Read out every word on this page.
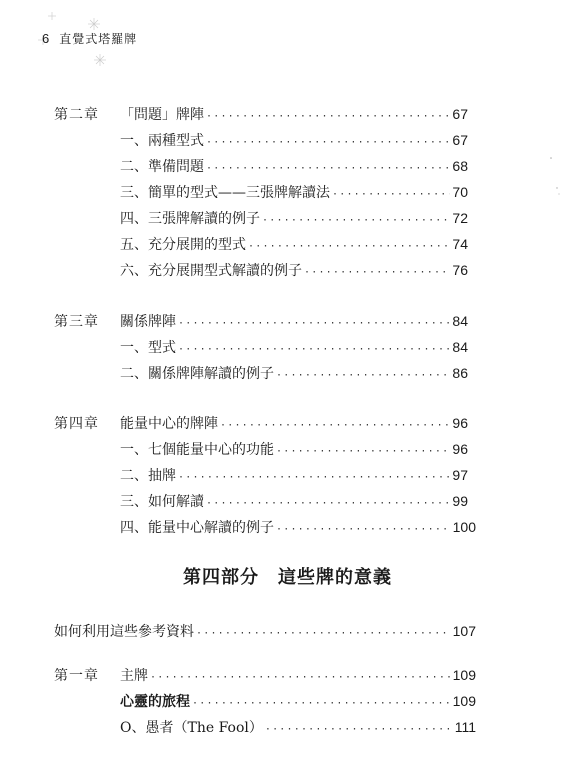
6 直覺式塔羅牌
第二章	「問題」牌陣 ·····	67
一、兩種型式 ·····	67
二、準備問題 ·····	68
三、簡單的型式——三張牌解讀法 ·····	70
四、三張牌解讀的例子 ·····	72
五、充分展開的型式 ·····	74
六、充分展開型式解讀的例子 ·····	76
第三章	關係牌陣 ·····	84
一、型式 ·····	84
二、關係牌陣解讀的例子 ·····	86
第四章	能量中心的牌陣 ·····	96
一、七個能量中心的功能 ·····	96
二、抽牌 ·····	97
三、如何解讀 ·····	99
四、能量中心解讀的例子 ·····	100
第四部分　這些牌的意義
如何利用這些參考資料 ·····	107
第一章	主牌 ·····	109
心靈的旅程 ·····	109
O、愚者（The Fool） ·····	111
